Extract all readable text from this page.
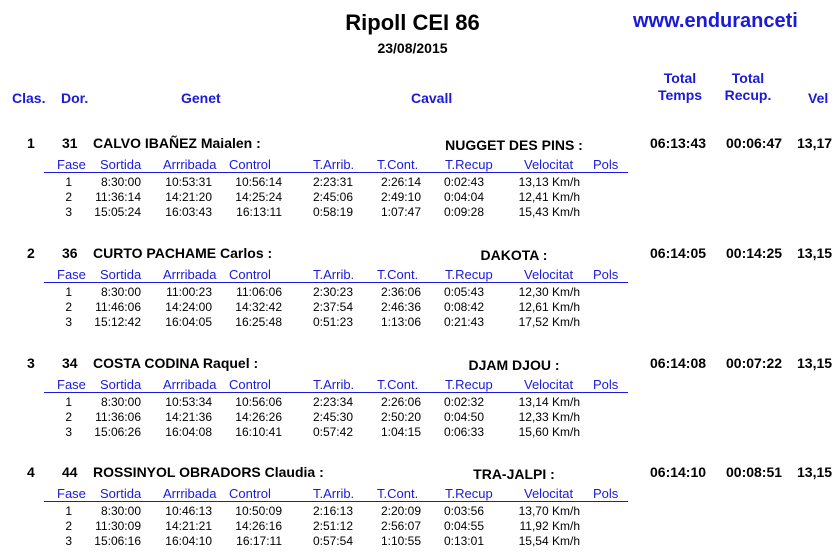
Ripoll CEI 86
23/08/2015
www.enduranceti
Clas. Dor.	Genet	Cavall
Total
Temps
Total
Recup.	Vel
1 31 CALVO IBAÑEZ Maialen :	NUGGET DES PINS :	06:13:43 00:06:47 13,17
Fase Sortida Arrribada Control	T.Arrib. T.Cont. T.Recup Velocitat Pols
1	8:30:00	10:53:31	10:56:14	2:23:31	2:26:14	0:02:43	13,13 Km/h
2	11:36:14	14:21:20	14:25:24	2:45:06	2:49:10	0:04:04	12,41 Km/h
3	15:05:24	16:03:43	16:13:11	0:58:19	1:07:47	0:09:28	15,43 Km/h
2 36 CURTO PACHAME Carlos :	DAKOTA :	06:14:05 00:14:25 13,15
Fase Sortida Arrribada Control	T.Arrib. T.Cont. T.Recup Velocitat Pols
1	8:30:00	11:00:23	11:06:06	2:30:23	2:36:06	0:05:43	12,30 Km/h
2	11:46:06	14:24:00	14:32:42	2:37:54	2:46:36	0:08:42	12,61 Km/h
3	15:12:42	16:04:05	16:25:48	0:51:23	1:13:06	0:21:43	17,52 Km/h
3 34 COSTA CODINA Raquel :	DJAM DJOU :	06:14:08 00:07:22 13,15
Fase Sortida Arrribada Control	T.Arrib. T.Cont. T.Recup Velocitat Pols
1	8:30:00	10:53:34	10:56:06	2:23:34	2:26:06	0:02:32	13,14 Km/h
2	11:36:06	14:21:36	14:26:26	2:45:30	2:50:20	0:04:50	12,33 Km/h
3	15:06:26	16:04:08	16:10:41	0:57:42	1:04:15	0:06:33	15,60 Km/h
4 44 ROSSINYOL OBRADORS Claudia :	TRA-JALPI :	06:14:10 00:08:51 13,15
Fase Sortida Arrribada Control	T.Arrib. T.Cont. T.Recup Velocitat Pols
1	8:30:00	10:46:13	10:50:09	2:16:13	2:20:09	0:03:56	13,70 Km/h
2	11:30:09	14:21:21	14:26:16	2:51:12	2:56:07	0:04:55	11,92 Km/h
3	15:06:16	16:04:10	16:17:11	0:57:54	1:10:55	0:13:01	15,54 Km/h
